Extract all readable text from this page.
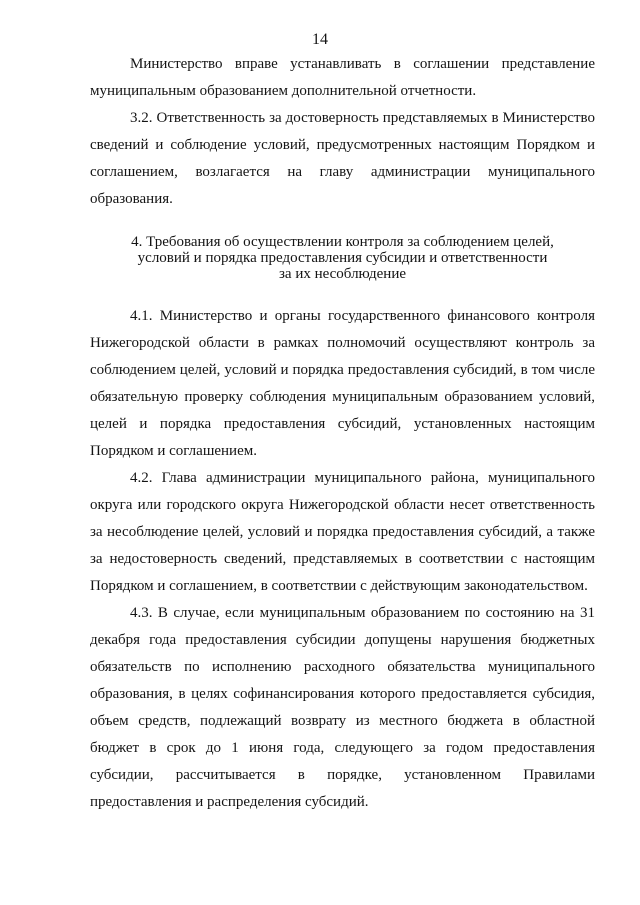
14

Министерство вправе устанавливать в соглашении представление муниципальным образованием дополнительной отчетности.

3.2. Ответственность за достоверность представляемых в Министерство сведений и соблюдение условий, предусмотренных настоящим Порядком и соглашением, возлагается на главу администрации муниципального образования.

4. Требования об осуществлении контроля за соблюдением целей,
условий и порядка предоставления субсидии и ответственности
за их несоблюдение

4.1. Министерство и органы государственного финансового контроля Нижегородской области в рамках полномочий осуществляют контроль за соблюдением целей, условий и порядка предоставления субсидий, в том числе обязательную проверку соблюдения муниципальным образованием условий, целей и порядка предоставления субсидий, установленных настоящим Порядком и соглашением.

4.2. Глава администрации муниципального района, муниципального округа или городского округа Нижегородской области несет ответственность за несоблюдение целей, условий и порядка предоставления субсидий, а также за недостоверность сведений, представляемых в соответствии с настоящим Порядком и соглашением, в соответствии с действующим законодательством.

4.3. В случае, если муниципальным образованием по состоянию на 31 декабря года предоставления субсидии допущены нарушения бюджетных обязательств по исполнению расходного обязательства муниципального образования, в целях софинансирования которого предоставляется субсидия, объем средств, подлежащий возврату из местного бюджета в областной бюджет в срок до 1 июня года, следующего за годом предоставления субсидии, рассчитывается в порядке, установленном Правилами предоставления и распределения субсидий.
